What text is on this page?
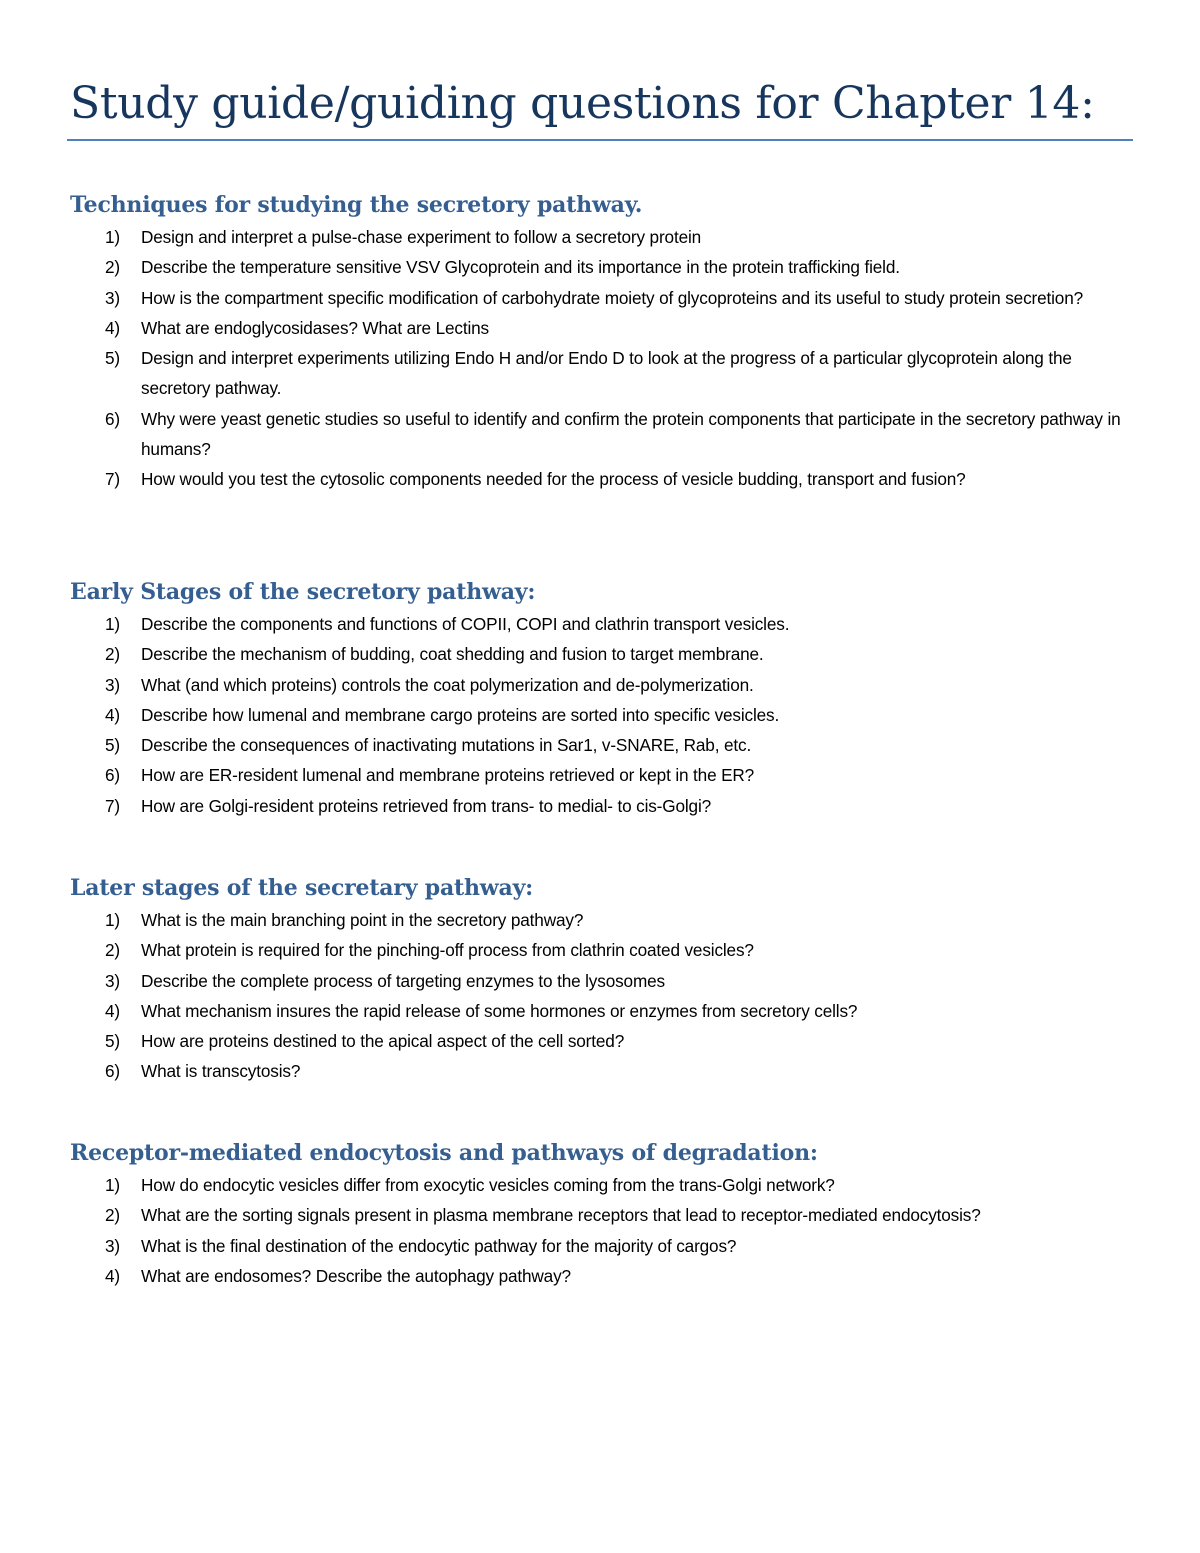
Study guide/guiding questions for Chapter 14:
Techniques for studying the secretory pathway.
1) Design and interpret a pulse-chase experiment to follow a secretory protein
2) Describe the temperature sensitive VSV Glycoprotein and its importance in the protein trafficking field.
3) How is the compartment specific modification of carbohydrate moiety of glycoproteins and its useful to study protein secretion?
4) What are endoglycosidases? What are Lectins
5) Design and interpret experiments utilizing Endo H and/or Endo D to look at the progress of a particular glycoprotein along the secretory pathway.
6) Why were yeast genetic studies so useful to identify and confirm the protein components that participate in the secretory pathway in humans?
7) How would you test the cytosolic components needed for the process of vesicle budding, transport and fusion?
Early Stages of the secretory pathway:
1) Describe the components and functions of COPII, COPI and clathrin transport vesicles.
2) Describe the mechanism of budding, coat shedding and fusion to target membrane.
3) What (and which proteins) controls the coat polymerization and de-polymerization.
4) Describe how lumenal and membrane cargo proteins are sorted into specific vesicles.
5) Describe the consequences of inactivating mutations in Sar1, v-SNARE, Rab, etc.
6) How are ER-resident lumenal and membrane proteins retrieved or kept in the ER?
7) How are Golgi-resident proteins retrieved from trans- to medial- to cis-Golgi?
Later stages of the secretary pathway:
1) What is the main branching point in the secretory pathway?
2) What protein is required for the pinching-off process from clathrin coated vesicles?
3) Describe the complete process of targeting enzymes to the lysosomes
4) What mechanism insures the rapid release of some hormones or enzymes from secretory cells?
5) How are proteins destined to the apical aspect of the cell sorted?
6) What is transcytosis?
Receptor-mediated endocytosis and pathways of degradation:
1) How do endocytic vesicles differ from exocytic vesicles coming from the trans-Golgi network?
2) What are the sorting signals present in plasma membrane receptors that lead to receptor-mediated endocytosis?
3) What is the final destination of the endocytic pathway for the majority of cargos?
4) What are endosomes? Describe the autophagy pathway?
